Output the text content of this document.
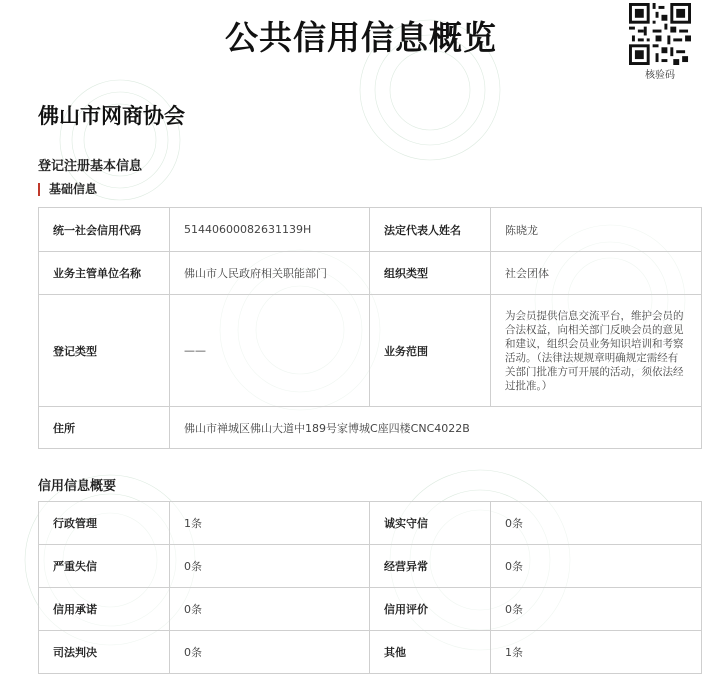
公共信用信息概览
核验码
佛山市网商协会
登记注册基本信息
基础信息
统一社会信用代码	51440600082631139H	法定代表人姓名	陈晓龙
业务主管单位名称	佛山市人民政府相关职能部门	组织类型	社会团体
登记类型	——	业务范围	为会员提供信息交流平台，维护会员的合法权益，向相关部门反映会员的意见和建议，组织会员业务知识培训和考察活动。（法律法规规章明确规定需经有关部门批准方可开展的活动，须依法经过批准。）
住所	佛山市禅城区佛山大道中189号家博城C座四楼CNC4022B		
信用信息概要
行政管理	1条	诚实守信	0条
严重失信	0条	经营异常	0条
信用承诺	0条	信用评价	0条
司法判决	0条	其他	1条
